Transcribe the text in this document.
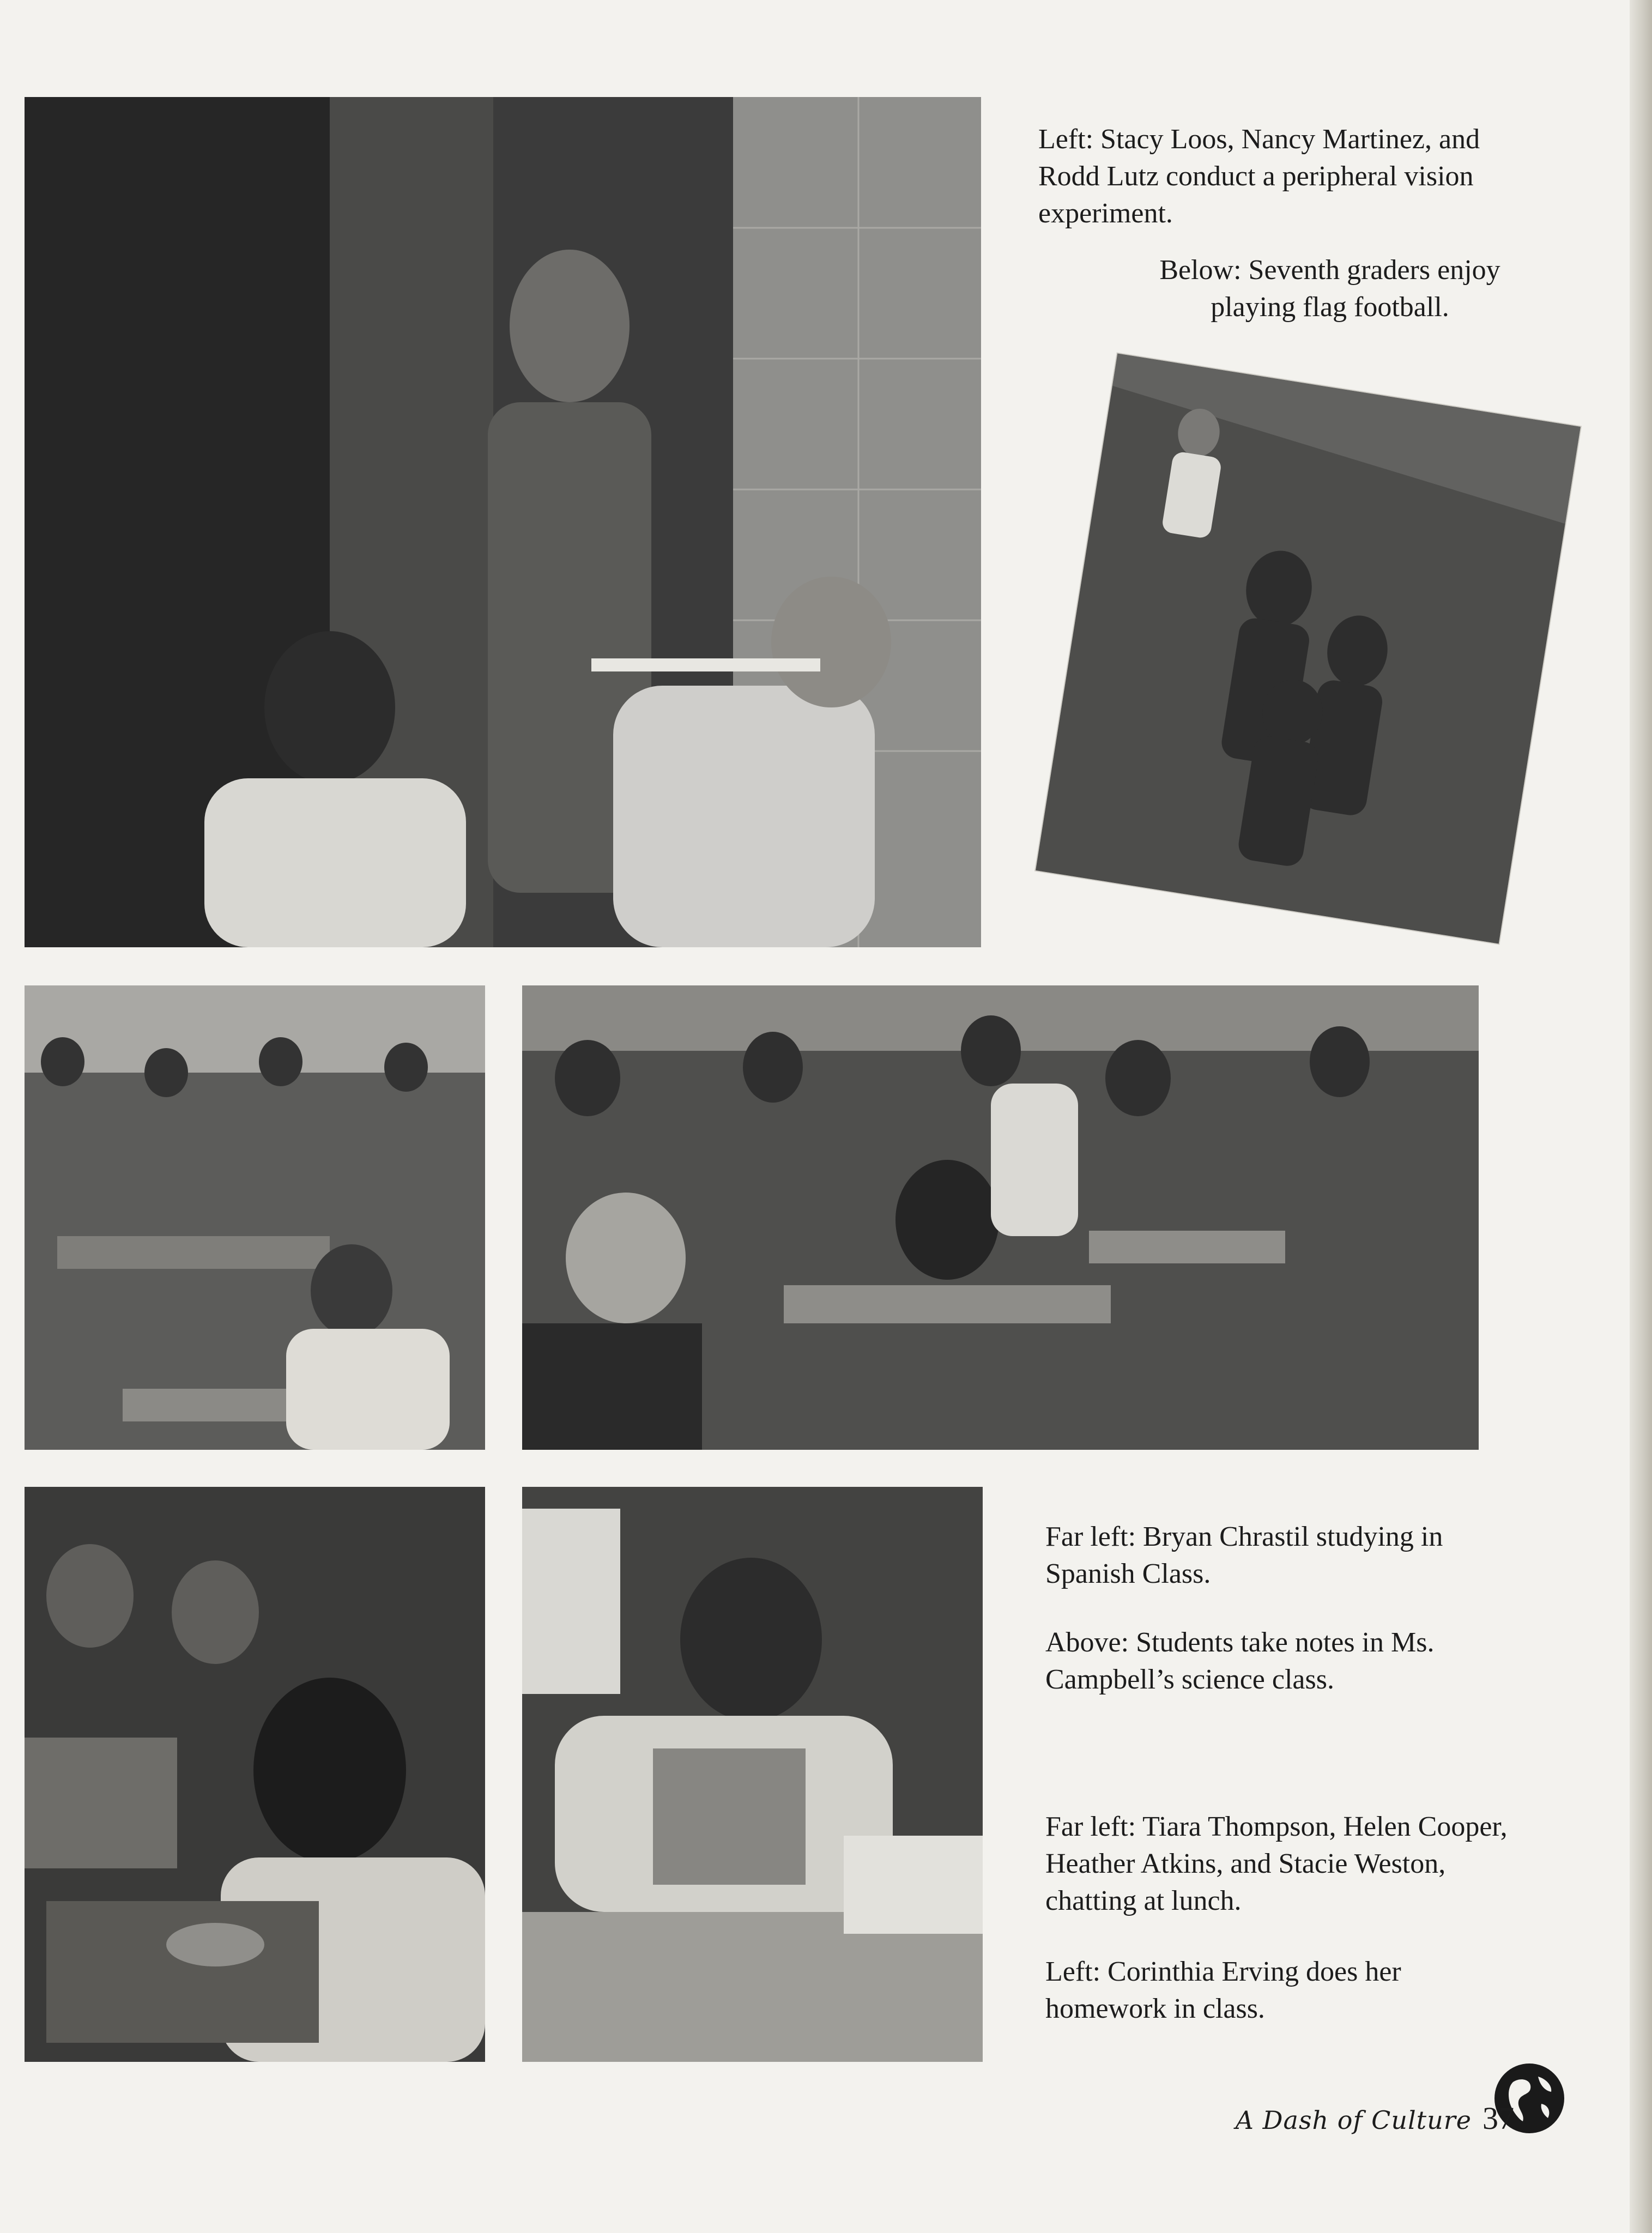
Left: Stacy Loos, Nancy Martinez, and Rodd Lutz conduct a peripheral vision experiment.

Below: Seventh graders enjoy playing flag football.

Far left: Bryan Chrastil studying in Spanish Class.

Above: Students take notes in Ms. Campbell’s science class.

Far left: Tiara Thompson, Helen Cooper, Heather Atkins, and Stacie Weston, chatting at lunch.

Left: Corinthia Erving does her homework in class.

A Dash of Culture 37
